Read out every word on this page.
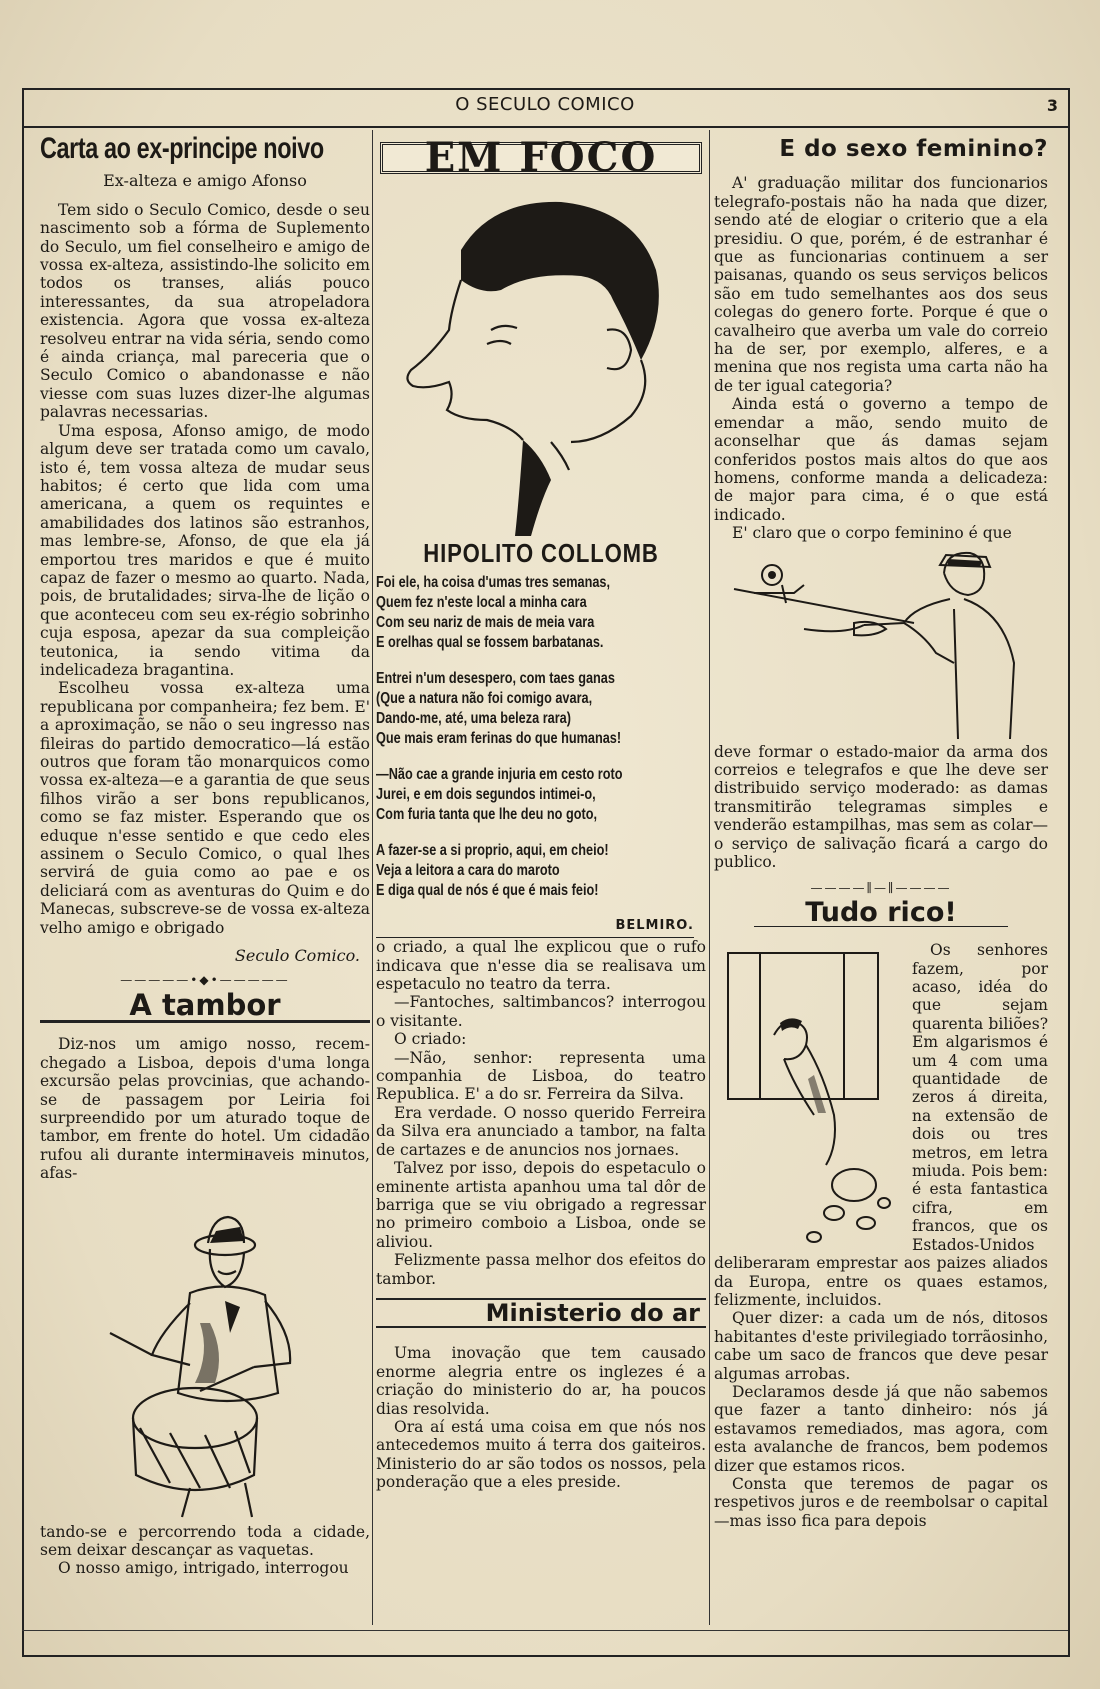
O SECULO COMICO	3
Carta ao ex-principe noivo
Ex-alteza e amigo Afonso

Tem sido o Seculo Comico, desde o seu nascimento sob a fórma de Suplemento do Seculo, um fiel conselheiro e amigo de vossa ex-alteza, assistindo-lhe solicito em todos os transes, aliás pouco interessantes, da sua atropeladora existencia. Agora que vossa ex-alteza resolveu entrar na vida séria, sendo como é ainda criança, mal pareceria que o Seculo Comico o abandonasse e não viesse com suas luzes dizer-lhe algumas palavras necessarias.

Uma esposa, Afonso amigo, de modo algum deve ser tratada como um cavalo, isto é, tem vossa alteza de mudar seus habitos; é certo que lida com uma americana, a quem os requintes e amabilidades dos latinos são estranhos, mas lembre-se, Afonso, de que ela já emportou tres maridos e que é muito capaz de fazer o mesmo ao quarto. Nada, pois, de brutalidades; sirva-lhe de lição o que aconteceu com seu ex-régio sobrinho cuja esposa, apezar da sua compleição teutonica, ia sendo vitima da indelicadeza bragantina.

Escolheu vossa ex-alteza uma republicana por companheira; fez bem. E' a aproximação, se não o seu ingresso nas fileiras do partido democratico—lá estão outros que foram tão monarquicos como vossa ex-alteza—e a garantia de que seus filhos virão a ser bons republicanos, como se faz mister. Esperando que os eduque n'esse sentido e que cedo eles assinem o Seculo Comico, o qual lhes servirá de guia como ao pae e os deliciará com as aventuras do Quim e do Manecas, subscreve-se de vossa ex-alteza velho amigo e obrigado

Seculo Comico.
—————•◆•—————
A tambor

Diz-nos um amigo nosso, recem-chegado a Lisboa, depois d'uma longa excursão pelas provcinias, que achando-se de passagem por Leiria foi surpreendido por um aturado toque de tambor, em frente do hotel. Um cidadão rufou ali durante intermінaveis minutos, afas-

tando-se e percorrendo toda a cidade, sem deixar descançar as vaquetas.

O nosso amigo, intrigado, interrogou

EM FOCO
HIPOLITO COLLOMB
Foi ele, ha coisa d'umas tres semanas,
Quem fez n'este local a minha cara
Com seu nariz de mais de meia vara
E orelhas qual se fossem barbatanas.
Entrei n'um desespero, com taes ganas
(Que a natura não foi comigo avara,
Dando-me, até, uma beleza rara)
Que mais eram ferinas do que humanas!
—Não cae a grande injuria em cesto roto
Jurei, e em dois segundos intimei-o,
Com furia tanta que lhe deu no goto,
A fazer-se a si proprio, aqui, em cheio!
Veja a leitora a cara do maroto
E diga qual de nós é que é mais feio!
BELMIRO.

o criado, a qual lhe explicou que o rufo indicava que n'esse dia se realisava um espetaculo no teatro da terra.

—Fantoches, saltimbancos? interrogou o visitante.

O criado:

—Não, senhor: representa uma companhia de Lisboa, do teatro Republica. E' a do sr. Ferreira da Silva.

Era verdade. O nosso querido Ferreira da Silva era anunciado a tambor, na falta de cartazes e de anuncios nos jornaes.

Talvez por isso, depois do espetaculo o eminente artista apanhou uma tal dôr de barriga que se viu obrigado a regressar no primeiro comboio a Lisboa, onde se aliviou.

Felizmente passa melhor dos efeitos do tambor.

Ministerio do ar

Uma inovação que tem causado enorme alegria entre os inglezes é a criação do ministerio do ar, ha poucos dias resolvida.

Ora aí está uma coisa em que nós nos antecedemos muito á terra dos gaiteiros. Ministerio do ar são todos os nossos, pela ponderação que a eles preside.

E do sexo feminino?

A' graduação militar dos funcionarios telegrafo-postais não ha nada que dizer, sendo até de elogiar o criterio que a ela presidiu. O que, porém, é de estranhar é que as funcionarias continuem a ser paisanas, quando os seus serviços belicos são em tudo semelhantes aos dos seus colegas do genero forte. Porque é que o cavalheiro que averba um vale do correio ha de ser, por exemplo, alferes, e a menina que nos regista uma carta não ha de ter igual categoria?

Ainda está o governo a tempo de emendar a mão, sendo muito de aconselhar que ás damas sejam conferidos postos mais altos do que aos homens, conforme manda a delicadeza: de major para cima, é o que está indicado.

E' claro que o corpo feminino é que

deve formar o estado-maior da arma dos correios e telegrafos e que lhe deve ser distribuido serviço moderado: as damas transmitirão telegramas simples e venderão estampilhas, mas sem as colar—o serviço de salivação ficará a cargo do publico.

————∥—∥————
Tudo rico!

Os senhores fazem, por acaso, idéa do que sejam quarenta biliões? Em algarismos é um 4 com uma quantidade de zeros á direita, na extensão de dois ou tres metros, em letra miuda. Pois bem: é esta fantastica cifra, em francos, que os Estados-Unidos deliberaram emprestar aos paizes aliados da Europa, entre os quaes estamos, felizmente, incluidos.

Quer dizer: a cada um de nós, ditosos habitantes d'este privilegiado torrãosinho, cabe um saco de francos que deve pesar algumas arrobas.

Declaramos desde já que não sabemos que fazer a tanto dinheiro: nós já estavamos remediados, mas agora, com esta avalanche de francos, bem podemos dizer que estamos ricos.

Consta que teremos de pagar os respetivos juros e de reembolsar o capital—mas isso fica para depois
